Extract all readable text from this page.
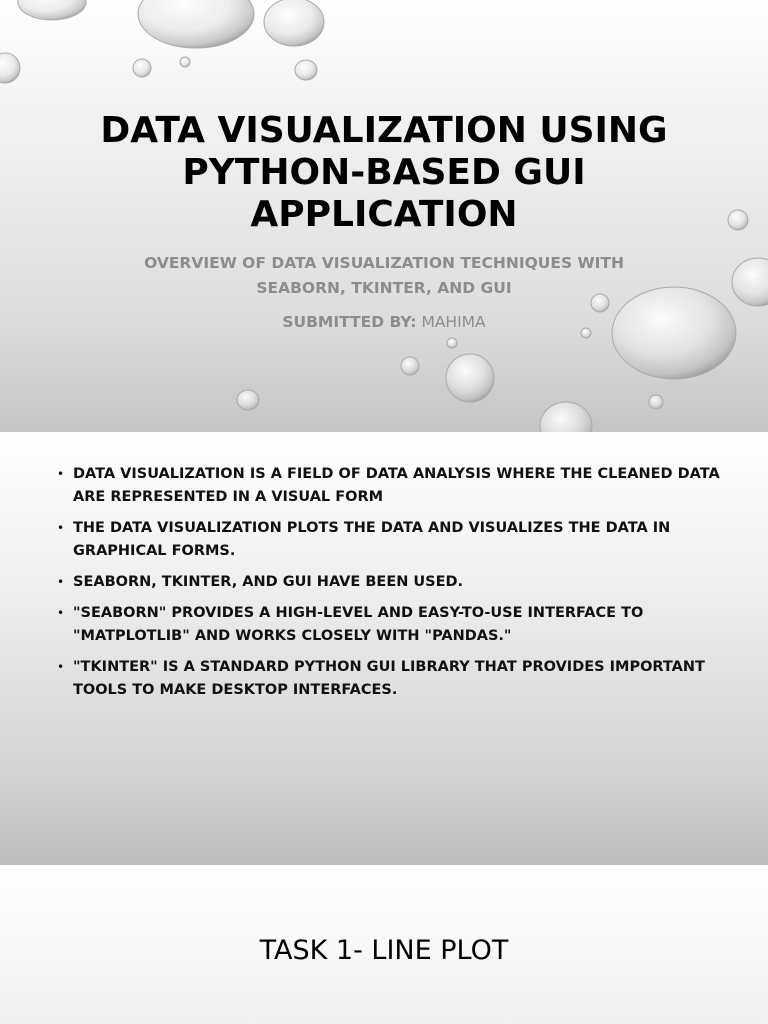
DATA VISUALIZATION USING PYTHON-BASED GUI APPLICATION

OVERVIEW OF DATA VISUALIZATION TECHNIQUES WITH SEABORN, TKINTER, AND GUI

SUBMITTED BY: MAHIMA

• DATA VISUALIZATION IS A FIELD OF DATA ANALYSIS WHERE THE CLEANED DATA ARE REPRESENTED IN A VISUAL FORM
• THE DATA VISUALIZATION PLOTS THE DATA AND VISUALIZES THE DATA IN GRAPHICAL FORMS.
• SEABORN, TKINTER, AND GUI HAVE BEEN USED.
• "SEABORN" PROVIDES A HIGH-LEVEL AND EASY-TO-USE INTERFACE TO "MATPLOTLIB" AND WORKS CLOSELY WITH "PANDAS."
• "TKINTER" IS A STANDARD PYTHON GUI LIBRARY THAT PROVIDES IMPORTANT TOOLS TO MAKE DESKTOP INTERFACES.
TASK 1- LINE PLOT
